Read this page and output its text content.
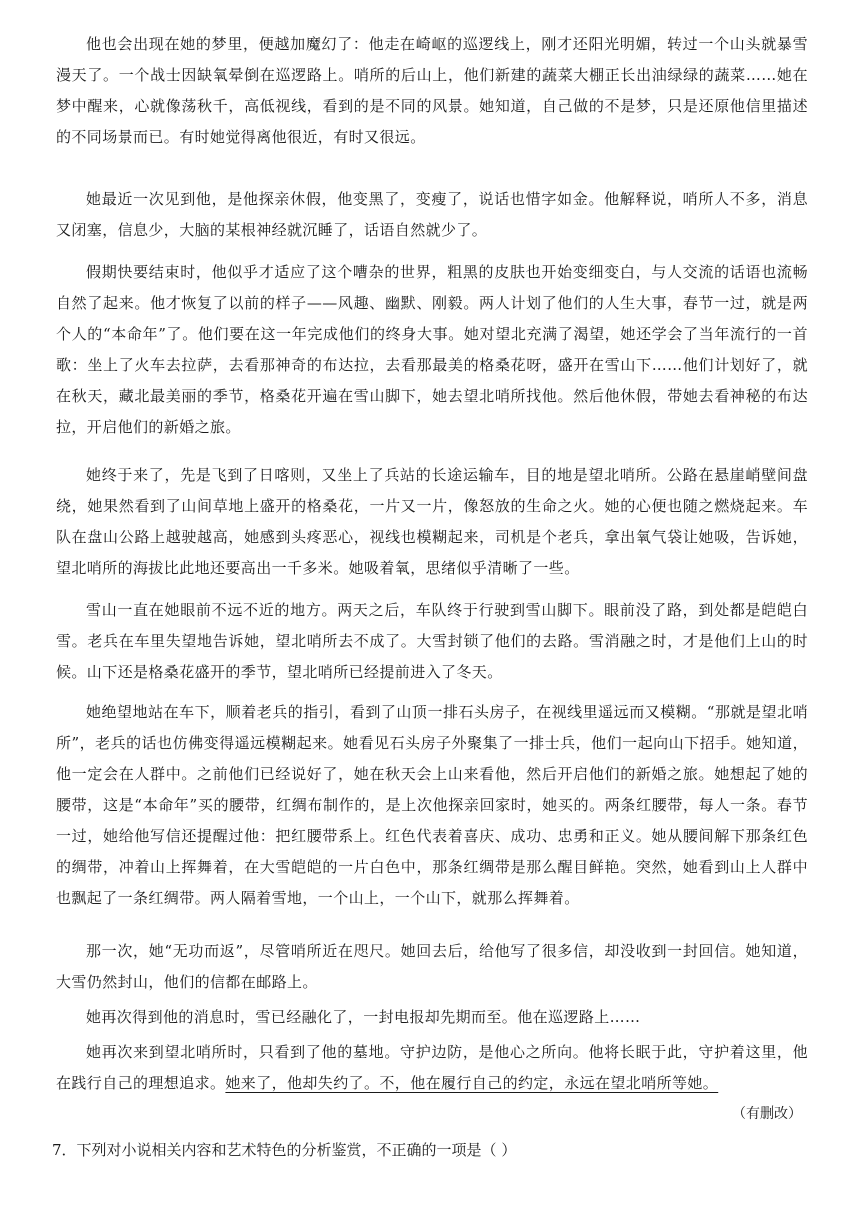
他也会出现在她的梦里，便越加魔幻了：他走在崎岖的巡逻线上，刚才还阳光明媚，转过一个山头就暴雪漫天了。一个战士因缺氧晕倒在巡逻路上。哨所的后山上，他们新建的蔬菜大棚正长出油绿绿的蔬菜……她在梦中醒来，心就像荡秋千，高低视线，看到的是不同的风景。她知道，自己做的不是梦，只是还原他信里描述的不同场景而已。有时她觉得离他很近，有时又很远。

她最近一次见到他，是他探亲休假，他变黑了，变瘦了，说话也惜字如金。他解释说，哨所人不多，消息又闭塞，信息少，大脑的某根神经就沉睡了，话语自然就少了。

假期快要结束时，他似乎才适应了这个嘈杂的世界，粗黑的皮肤也开始变细变白，与人交流的话语也流畅自然了起来。他才恢复了以前的样子——风趣、幽默、刚毅。两人计划了他们的人生大事，春节一过，就是两个人的“本命年”了。他们要在这一年完成他们的终身大事。她对望北充满了渴望，她还学会了当年流行的一首歌：坐上了火车去拉萨，去看那神奇的布达拉，去看那最美的格桑花呀，盛开在雪山下……他们计划好了，就在秋天，藏北最美丽的季节，格桑花开遍在雪山脚下，她去望北哨所找他。然后他休假，带她去看神秘的布达拉，开启他们的新婚之旅。

她终于来了，先是飞到了日喀则，又坐上了兵站的长途运输车，目的地是望北哨所。公路在悬崖峭壁间盘绕，她果然看到了山间草地上盛开的格桑花，一片又一片，像怒放的生命之火。她的心便也随之燃烧起来。车队在盘山公路上越驶越高，她感到头疼恶心，视线也模糊起来，司机是个老兵，拿出氧气袋让她吸，告诉她，望北哨所的海拔比此地还要高出一千多米。她吸着氧，思绪似乎清晰了一些。

雪山一直在她眼前不远不近的地方。两天之后，车队终于行驶到雪山脚下。眼前没了路，到处都是皑皑白雪。老兵在车里失望地告诉她，望北哨所去不成了。大雪封锁了他们的去路。雪消融之时，才是他们上山的时候。山下还是格桑花盛开的季节，望北哨所已经提前进入了冬天。

她绝望地站在车下，顺着老兵的指引，看到了山顶一排石头房子，在视线里遥远而又模糊。“那就是望北哨所”，老兵的话也仿佛变得遥远模糊起来。她看见石头房子外聚集了一排士兵，他们一起向山下招手。她知道，他一定会在人群中。之前他们已经说好了，她在秋天会上山来看他，然后开启他们的新婚之旅。她想起了她的腰带，这是“本命年”买的腰带，红绸布制作的，是上次他探亲回家时，她买的。两条红腰带，每人一条。春节一过，她给他写信还提醒过他：把红腰带系上。红色代表着喜庆、成功、忠勇和正义。她从腰间解下那条红色的绸带，冲着山上挥舞着，在大雪皑皑的一片白色中，那条红绸带是那么醒目鲜艳。突然，她看到山上人群中也飘起了一条红绸带。两人隔着雪地，一个山上，一个山下，就那么挥舞着。

那一次，她“无功而返”，尽管哨所近在咫尺。她回去后，给他写了很多信，却没收到一封回信。她知道，大雪仍然封山，他们的信都在邮路上。

她再次得到他的消息时，雪已经融化了，一封电报却先期而至。他在巡逻路上……

她再次来到望北哨所时，只看到了他的墓地。守护边防，是他心之所向。他将长眠于此，守护着这里，他在践行自己的理想追求。她来了，他却失约了。不，他在履行自己的约定，永远在望北哨所等她。

（有删改）
7．下列对小说相关内容和艺术特色的分析鉴赏，不正确的一项是（ ）
